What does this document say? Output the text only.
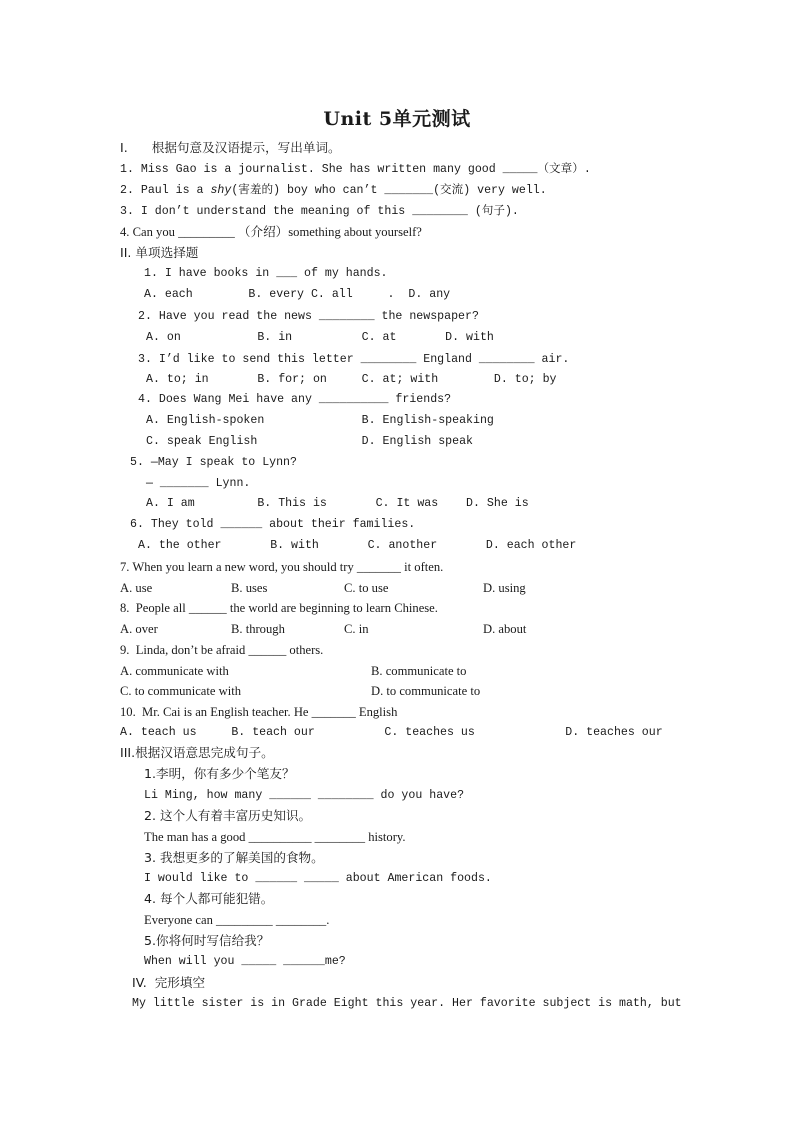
Unit 5单元测试
I.      根据句意及汉语提示，写出单词。
1. Miss Gao is a journalist. She has written many good _____（文章）.
2. Paul is a shy(害羞的) boy who can’t _______(交流) very well.
3. I don’t understand the meaning of this ________ (句子).
4. Can you _________ （介绍）something about yourself?
II. 单项选择题
1. I have books in ___ of my hands.
A. each        B. every C. all     .  D. any
2. Have you read the news ________ the newspaper?
A. on           B. in          C. at       D. with
3. I’d like to send this letter ________ England ________ air.
A. to; in       B. for; on     C. at; with        D. to; by
4. Does Wang Mei have any __________ friends?
A. English-spoken              B. English-speaking
C. speak English               D. English speak
5. —May I speak to Lynn?
— _______ Lynn.
A. I am         B. This is       C. It was    D. She is
6. They told ______ about their families.
A. the other       B. with       C. another       D. each other
7. When you learn a new word, you should try _______ it often.
A. use	B. uses	C. to use	D. using
8.  People all ______ the world are beginning to learn Chinese.
A. over	B. through	C. in	D. about
9.  Linda, don’t be afraid ______ others.
A. communicate with	B. communicate to
C. to communicate with	D. to communicate to
10.  Mr. Cai is an English teacher. He _______ English
A. teach us     B. teach our          C. teaches us             D. teaches our
III.根据汉语意思完成句子。
1.李明，你有多少个笔友？
Li Ming, how many ______ ________ do you have?
2. 这个人有着丰富历史知识。
The man has a good __________ ________ history.
3. 我想更多的了解美国的食物。
I would like to ______ _____ about American foods.
4. 每个人都可能犯错。
Everyone can _________ ________.
5.你将何时写信给我？
When will you _____ ______me?
IV.  完形填空
My little sister is in Grade Eight this year. Her favorite subject is math, but
